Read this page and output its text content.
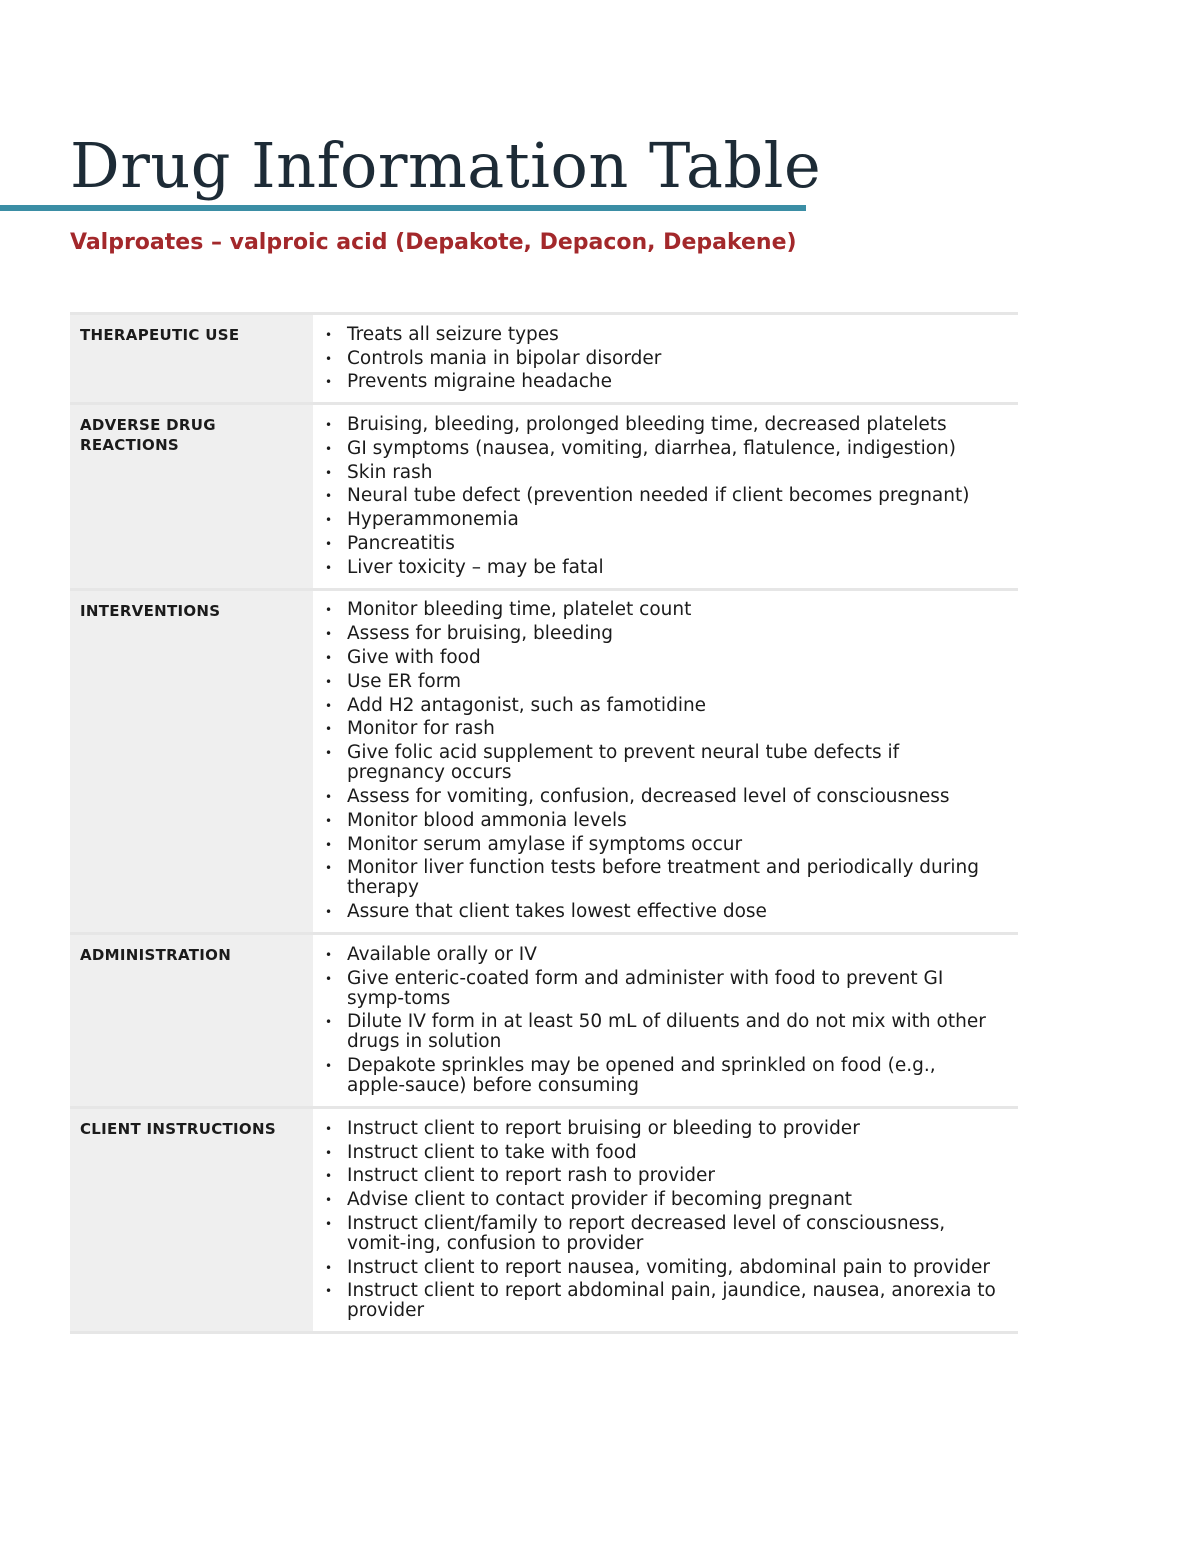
Drug Information Table
Valproates – valproic acid (Depakote, Depacon, Depakene)
THERAPEUTIC USE	• Treats all seizure types
• Controls mania in bipolar disorder
• Prevents migraine headache
ADVERSE DRUG REACTIONS
• Bruising, bleeding, prolonged bleeding time, decreased platelets
• GI symptoms (nausea, vomiting, diarrhea, flatulence, indigestion)
• Skin rash
• Neural tube defect (prevention needed if client becomes pregnant)
• Hyperammonemia
• Pancreatitis
• Liver toxicity – may be fatal
INTERVENTIONS	• Monitor bleeding time, platelet count
• Assess for bruising, bleeding
• Give with food
• Use ER form
• Add H2 antagonist, such as famotidine
• Monitor for rash
• Give folic acid supplement to prevent neural tube defects if pregnancy occurs
• Assess for vomiting, confusion, decreased level of consciousness
• Monitor blood ammonia levels
• Monitor serum amylase if symptoms occur
• Monitor liver function tests before treatment and periodically during therapy
• Assure that client takes lowest effective dose
ADMINISTRATION	• Available orally or IV
• Give enteric-coated form and administer with food to prevent GI symp-toms
• Dilute IV form in at least 50 mL of diluents and do not mix with other drugs in solution
• Depakote sprinkles may be opened and sprinkled on food (e.g., apple-sauce) before consuming
CLIENT INSTRUCTIONS	• Instruct client to report bruising or bleeding to provider
• Instruct client to take with food
• Instruct client to report rash to provider
• Advise client to contact provider if becoming pregnant
• Instruct client/family to report decreased level of consciousness, vomit-ing, confusion to provider
• Instruct client to report nausea, vomiting, abdominal pain to provider
• Instruct client to report abdominal pain, jaundice, nausea, anorexia to provider
